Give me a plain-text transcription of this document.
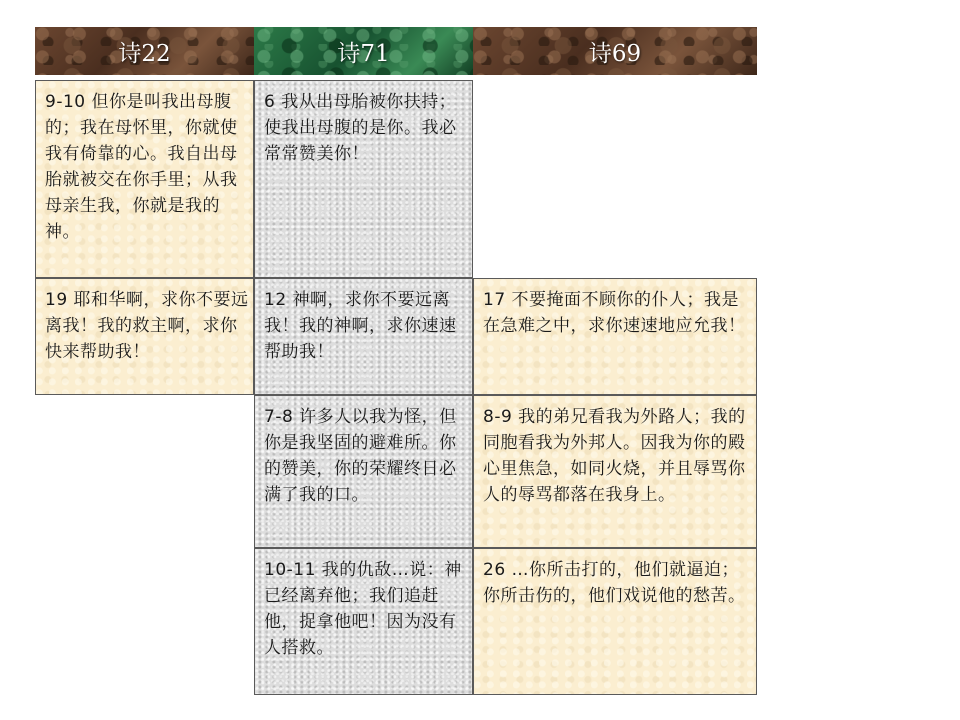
诗22	诗71	诗69
9-10 但你是叫我出母腹的；我在母怀里，你就使我有倚靠的心。我自出母胎就被交在你手里；从我母亲生我，你就是我的神。
6 我从出母胎被你扶持；使我出母腹的是你。我必常常赞美你！
19 耶和华啊，求你不要远离我！我的救主啊，求你快来帮助我！
12 神啊，求你不要远离我！我的神啊，求你速速帮助我！
17 不要掩面不顾你的仆人；我是在急难之中，求你速速地应允我！
7-8 许多人以我为怪，但你是我坚固的避难所。你的赞美，你的荣耀终日必满了我的口。
8-9 我的弟兄看我为外路人；我的同胞看我为外邦人。因我为你的殿心里焦急，如同火烧，并且辱骂你人的辱骂都落在我身上。
10-11 我的仇敌…说：神已经离弃他；我们追赶他，捉拿他吧！因为没有人搭救。
26 …你所击打的，他们就逼迫；你所击伤的，他们戏说他的愁苦。
